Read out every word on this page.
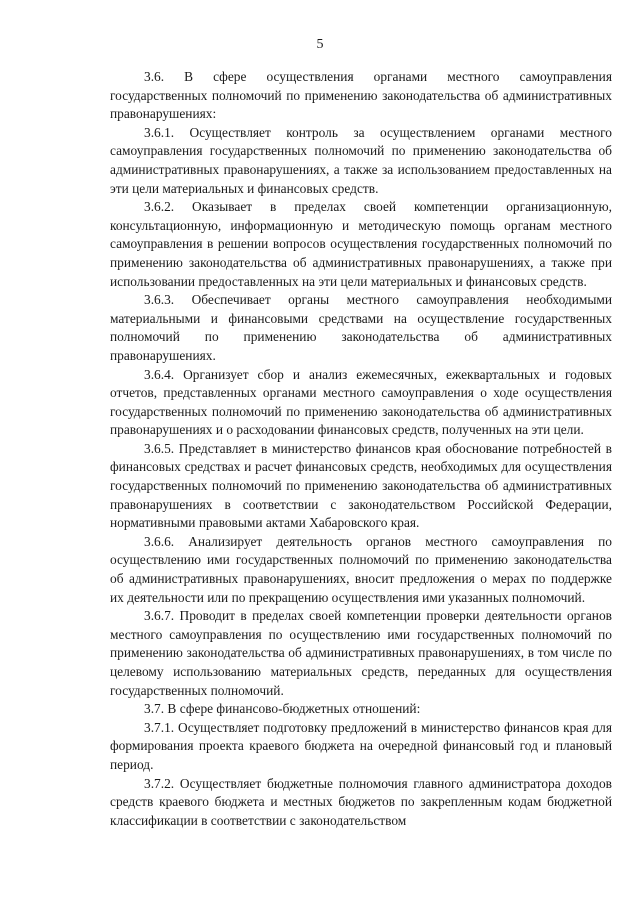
5

3.6. В сфере осуществления органами местного самоуправления государственных полномочий по применению законодательства об административных правонарушениях:

3.6.1. Осуществляет контроль за осуществлением органами местного самоуправления государственных полномочий по применению законодательства об административных правонарушениях, а также за использованием предоставленных на эти цели материальных и финансовых средств.

3.6.2. Оказывает в пределах своей компетенции организационную, консультационную, информационную и методическую помощь органам местного самоуправления в решении вопросов осуществления государственных полномочий по применению законодательства об административных правонарушениях, а также при использовании предоставленных на эти цели материальных и финансовых средств.

3.6.3. Обеспечивает органы местного самоуправления необходимыми материальными и финансовыми средствами на осуществление государственных полномочий по применению законодательства об административных правонарушениях.

3.6.4. Организует сбор и анализ ежемесячных, ежеквартальных и годовых отчетов, представленных органами местного самоуправления о ходе осуществления государственных полномочий по применению законодательства об административных правонарушениях и о расходовании финансовых средств, полученных на эти цели.

3.6.5. Представляет в министерство финансов края обоснование потребностей в финансовых средствах и расчет финансовых средств, необходимых для осуществления государственных полномочий по применению законодательства об административных правонарушениях в соответствии с законодательством Российской Федерации, нормативными правовыми актами Хабаровского края.

3.6.6. Анализирует деятельность органов местного самоуправления по осуществлению ими государственных полномочий по применению законодательства об административных правонарушениях, вносит предложения о мерах по поддержке их деятельности или по прекращению осуществления ими указанных полномочий.

3.6.7. Проводит в пределах своей компетенции проверки деятельности органов местного самоуправления по осуществлению ими государственных полномочий по применению законодательства об административных правонарушениях, в том числе по целевому использованию материальных средств, переданных для осуществления государственных полномочий.

3.7. В сфере финансово-бюджетных отношений:

3.7.1. Осуществляет подготовку предложений в министерство финансов края для формирования проекта краевого бюджета на очередной финансовый год и плановый период.

3.7.2. Осуществляет бюджетные полномочия главного администратора доходов средств краевого бюджета и местных бюджетов по закрепленным кодам бюджетной классификации в соответствии с законодательством
